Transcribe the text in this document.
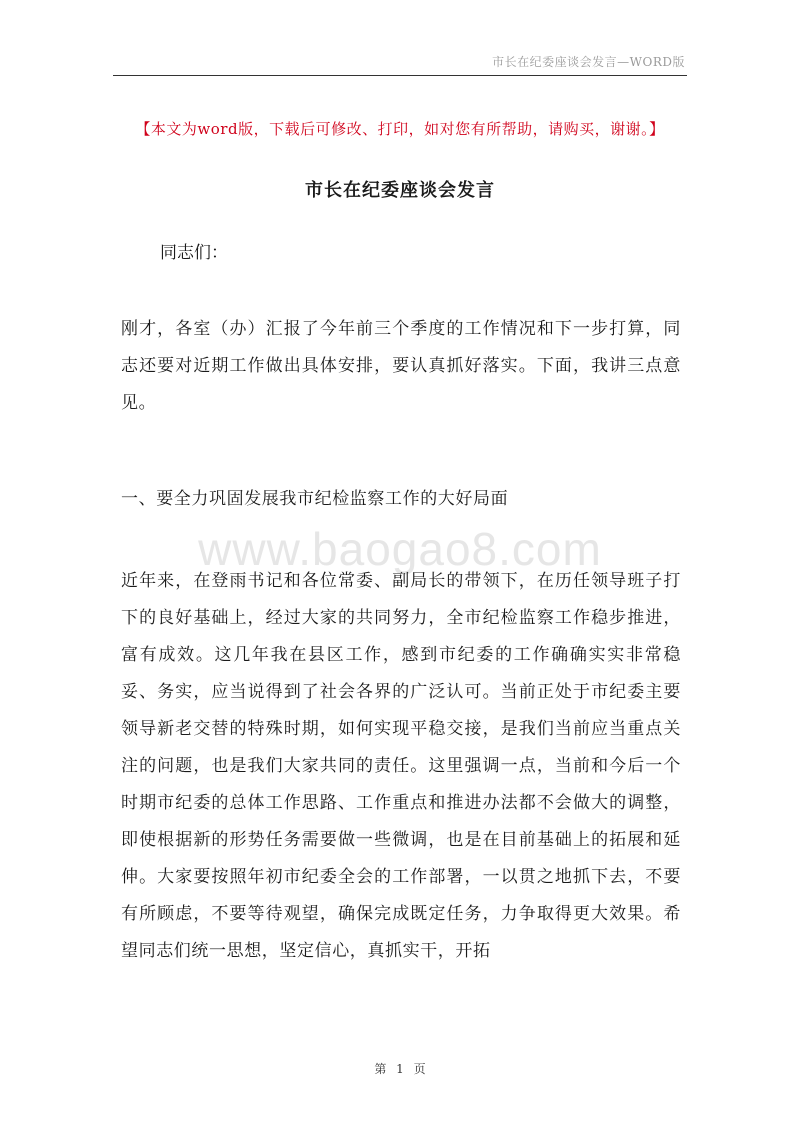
市长在纪委座谈会发言—WORD版
【本文为word版，下载后可修改、打印，如对您有所帮助，请购买，谢谢。】
市长在纪委座谈会发言
同志们：
刚才，各室（办）汇报了今年前三个季度的工作情况和下一步打算，同志还要对近期工作做出具体安排，要认真抓好落实。下面，我讲三点意见。
一、要全力巩固发展我市纪检监察工作的大好局面
www.baogao8.com
近年来，在登雨书记和各位常委、副局长的带领下，在历任领导班子打下的良好基础上，经过大家的共同努力，全市纪检监察工作稳步推进，富有成效。这几年我在县区工作，感到市纪委的工作确确实实非常稳妥、务实，应当说得到了社会各界的广泛认可。当前正处于市纪委主要领导新老交替的特殊时期，如何实现平稳交接，是我们当前应当重点关注的问题，也是我们大家共同的责任。这里强调一点，当前和今后一个时期市纪委的总体工作思路、工作重点和推进办法都不会做大的调整，即使根据新的形势任务需要做一些微调，也是在目前基础上的拓展和延伸。大家要按照年初市纪委全会的工作部署，一以贯之地抓下去，不要有所顾虑，不要等待观望，确保完成既定任务，力争取得更大效果。希望同志们统一思想，坚定信心，真抓实干，开拓
第 1 页
